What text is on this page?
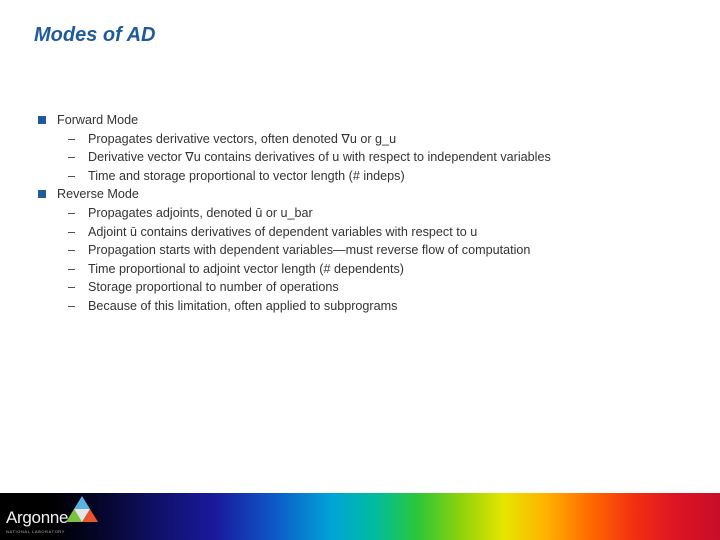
Modes of AD
Forward Mode
– Propagates derivative vectors, often denoted ∇u or g_u
– Derivative vector ∇u contains derivatives of u with respect to independent variables
– Time and storage proportional to vector length (# indeps)
Reverse Mode
– Propagates adjoints, denoted ū or u_bar
– Adjoint ū contains derivatives of dependent variables with respect to u
– Propagation starts with dependent variables—must reverse flow of computation
– Time proportional to adjoint vector length (# dependents)
– Storage proportional to number of operations
– Because of this limitation, often applied to subprograms
Argonne
NATIONAL LABORATORY
